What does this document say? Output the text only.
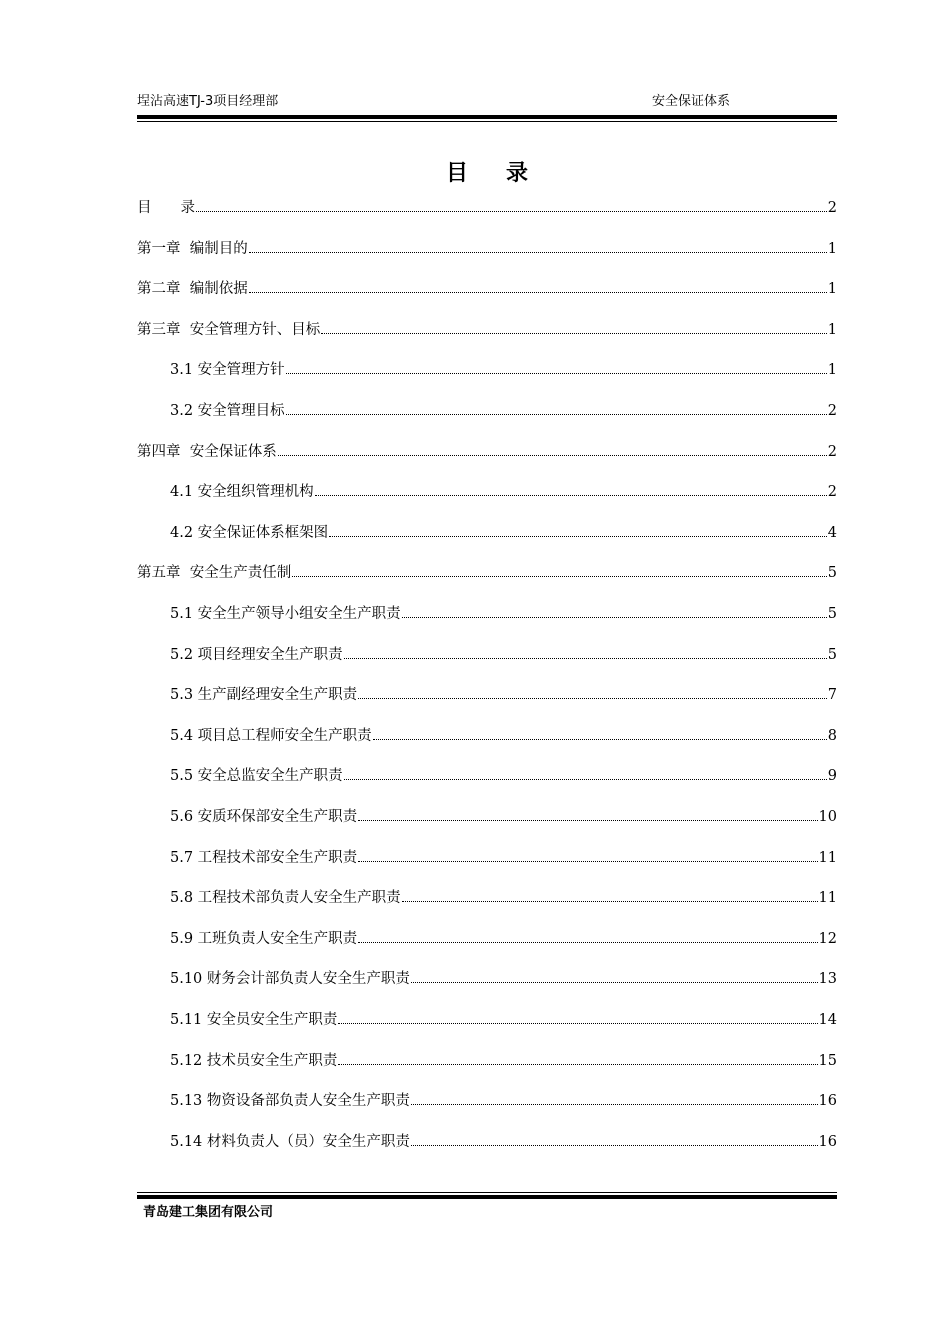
埕沾高速TJ-3项目经理部	安全保证体系
目录
目　　录	2
第一章  编制目的	1
第二章  编制依据	1
第三章  安全管理方针、目标	1
3.1 安全管理方针	1
3.2 安全管理目标	2
第四章  安全保证体系	2
4.1 安全组织管理机构	2
4.2 安全保证体系框架图	4
第五章  安全生产责任制	5
5.1 安全生产领导小组安全生产职责	5
5.2 项目经理安全生产职责	5
5.3 生产副经理安全生产职责	7
5.4 项目总工程师安全生产职责	8
5.5 安全总监安全生产职责	9
5.6 安质环保部安全生产职责	10
5.7 工程技术部安全生产职责	11
5.8 工程技术部负责人安全生产职责	11
5.9 工班负责人安全生产职责	12
5.10 财务会计部负责人安全生产职责	13
5.11 安全员安全生产职责	14
5.12 技术员安全生产职责	15
5.13 物资设备部负责人安全生产职责	16
5.14 材料负责人（员）安全生产职责	16
青岛建工集团有限公司
